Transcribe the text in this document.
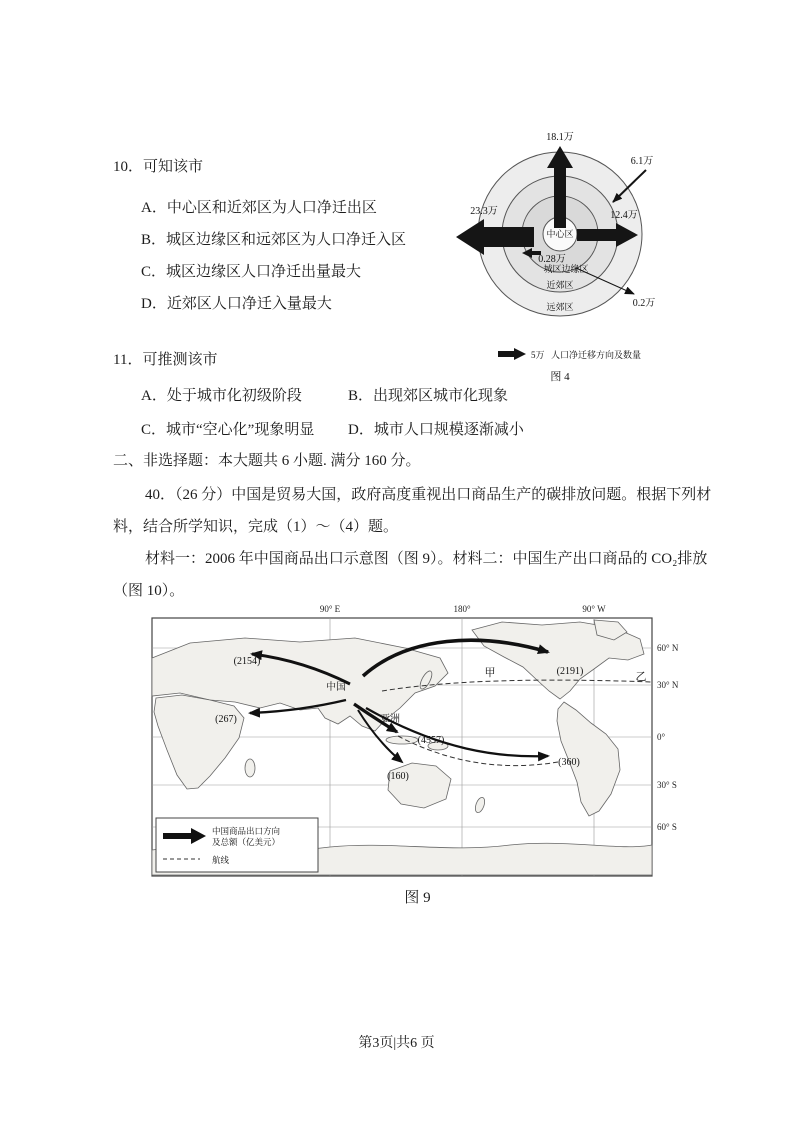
10．可知该市
A．中心区和近郊区为人口净迁出区
B．城区边缘区和远郊区为人口净迁入区
C．城区边缘区人口净迁出量最大
D．近郊区人口净迁入量最大
18.1万
23.3万	12.4万
6.1万
0.28万
0.2万
中心区
城区边缘区
近郊区
远郊区
5万 人口净迁移方向及数量
图 4
11．可推测该市
A．处于城市化初级阶段	B．出现郊区城市化现象
C．城市“空心化”现象明显 D．城市人口规模逐渐减小
二、非选择题：本大题共 6 小题. 满分 160 分。
40．（26 分）中国是贸易大国，政府高度重视出口商品生产的碳排放问题。根据下列材
料，结合所学知识，完成（1）～（4）题。
材料一：2006 年中国商品出口示意图（图 9）。材料二：中国生产出口商品的 CO₂排放
（图 10）。
90° E	180°	90° W
60° N
30° N
0°
30° S
60° S
(2154)
(2191)
(267)
(4557)
(160)
(360)
中国
亚洲
甲	乙
中国商品出口方向
及总额（亿美元）
航线
图 9
第3页|共6 页
